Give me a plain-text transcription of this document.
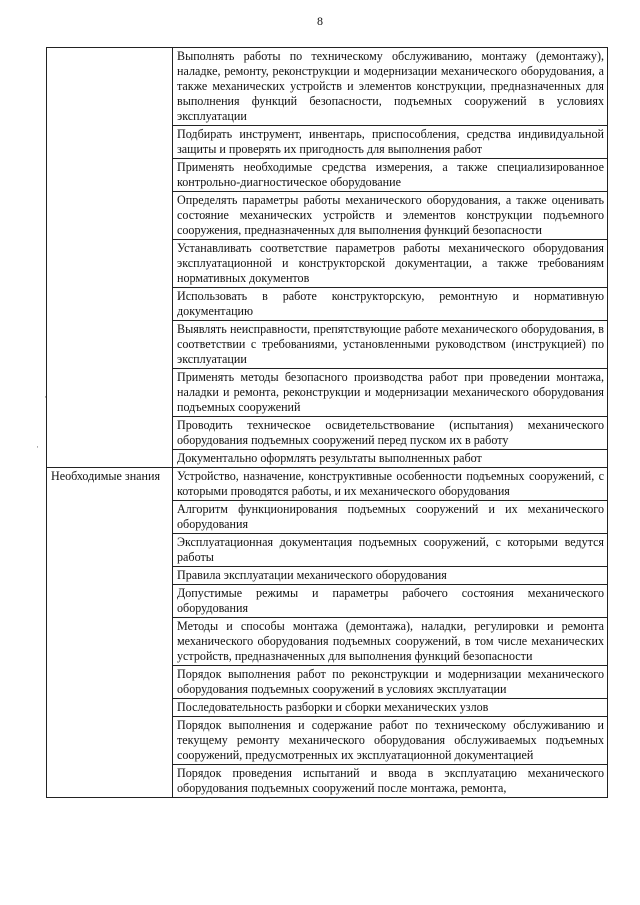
8
·
·
	Выполнять работы по техническому обслуживанию, монтажу (демонтажу), наладке, ремонту, реконструкции и модернизации механического оборудования, а также механических устройств и элементов конструкции, предназначенных для выполнения функций безопасности, подъемных сооружений в условиях эксплуатации
	Подбирать инструмент, инвентарь, приспособления, средства индивидуальной защиты и проверять их пригодность для выполнения работ
	Применять необходимые средства измерения, а также специализированное контрольно-диагностическое оборудование
	Определять параметры работы механического оборудования, а также оценивать состояние механических устройств и элементов конструкции подъемного сооружения, предназначенных для выполнения функций безопасности
	Устанавливать соответствие параметров работы механического оборудования эксплуатационной и конструкторской документации, а также требованиям нормативных документов
	Использовать в работе конструкторскую, ремонтную и нормативную документацию
	Выявлять неисправности, препятствующие работе механического оборудования, в соответствии с требованиями, установленными руководством (инструкцией) по эксплуатации
	Применять методы безопасного производства работ при проведении монтажа, наладки и ремонта, реконструкции и модернизации механического оборудования подъемных сооружений
	Проводить техническое освидетельствование (испытания) механического оборудования подъемных сооружений перед пуском их в работу
	Документально оформлять результаты выполненных работ
Необходимые знания	Устройство, назначение, конструктивные особенности подъемных сооружений, с которыми проводятся работы, и их механического оборудования
	Алгоритм функционирования подъемных сооружений и их механического оборудования
	Эксплуатационная документация подъемных сооружений, с которыми ведутся работы
	Правила эксплуатации механического оборудования
	Допустимые режимы и параметры рабочего состояния механического оборудования
	Методы и способы монтажа (демонтажа), наладки, регулировки и ремонта механического оборудования подъемных сооружений, в том числе механических устройств, предназначенных для выполнения функций безопасности
	Порядок выполнения работ по реконструкции и модернизации механического оборудования подъемных сооружений в условиях эксплуатации
	Последовательность разборки и сборки механических узлов
	Порядок выполнения и содержание работ по техническому обслуживанию и текущему ремонту механического оборудования обслуживаемых подъемных сооружений, предусмотренных их эксплуатационной документацией
	Порядок проведения испытаний и ввода в эксплуатацию механического оборудования подъемных сооружений после монтажа, ремонта,
